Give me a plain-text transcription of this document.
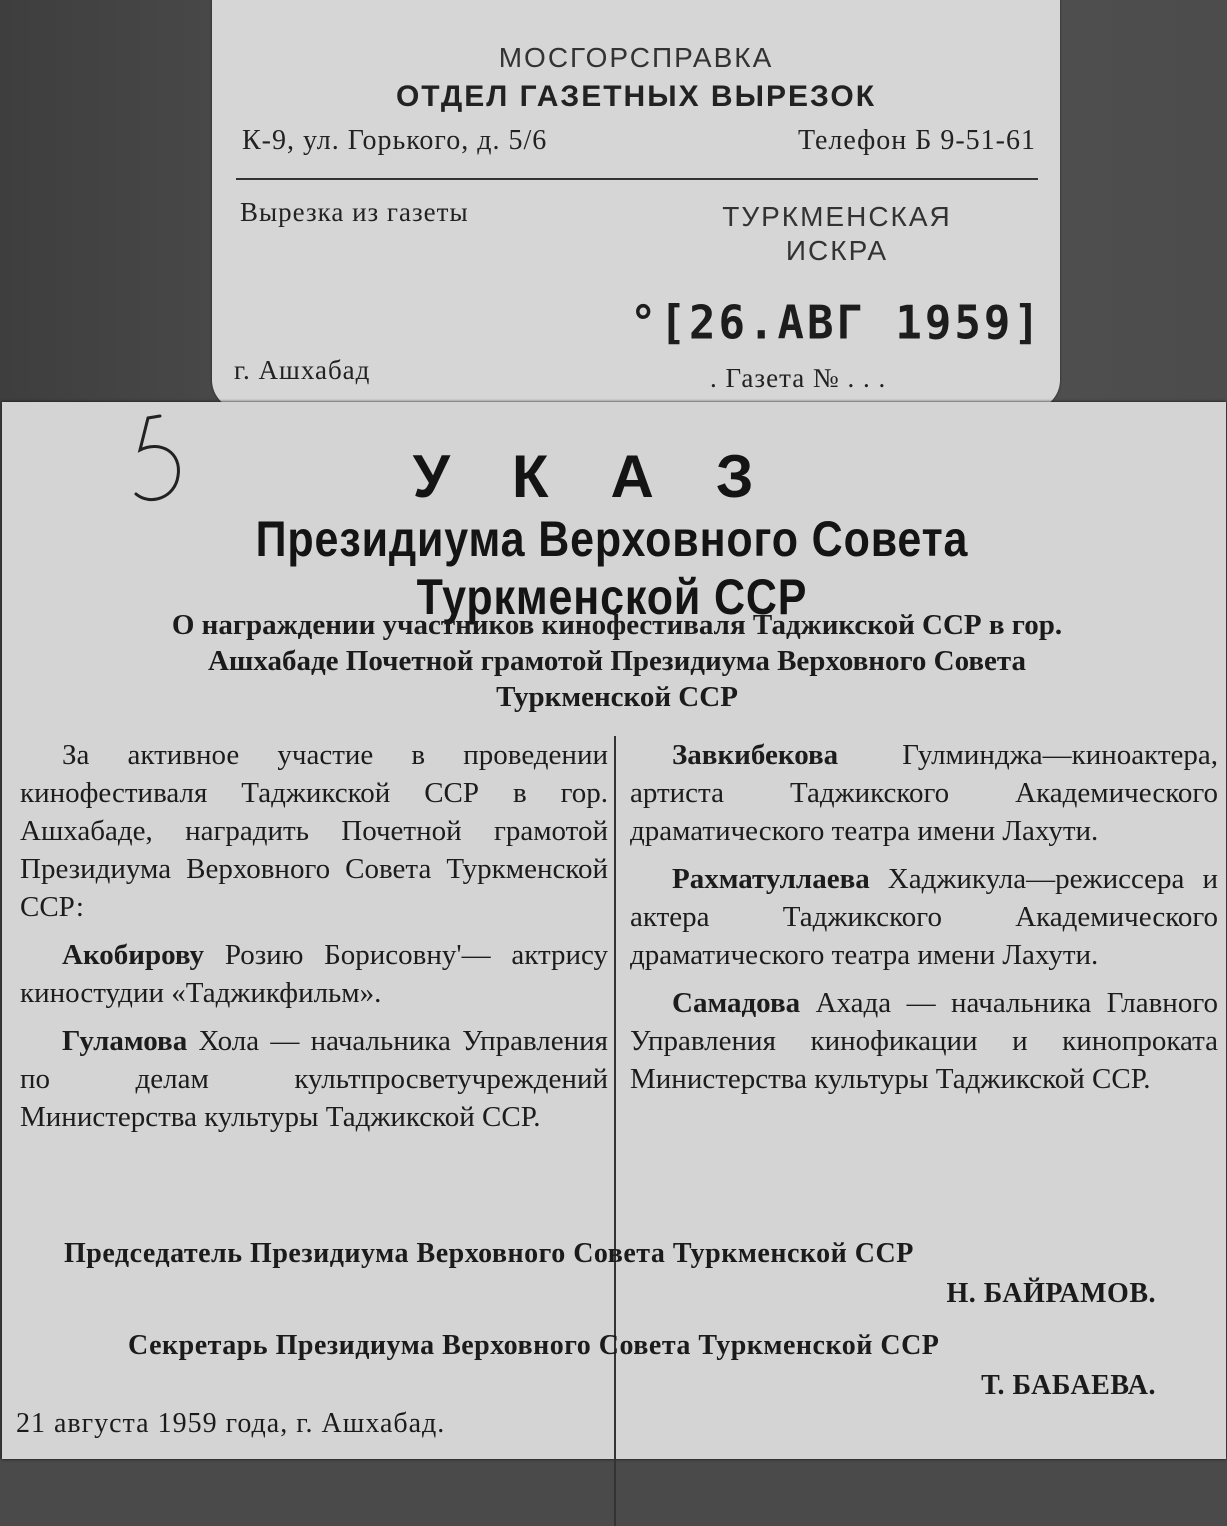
МОСГОРСПРАВКА
ОТДЕЛ ГАЗЕТНЫХ ВЫРЕЗОК
К-9, ул. Горького, д. 5/6	Телефон Б 9-51-61
Вырезка из газеты	ТУРКМЕНСКАЯ
ИСКРА
°[26.АВГ 1959]
г. Ашхабад	. Газета № . . .
УКАЗ
Президиума Верховного Совета Туркменской ССР
О награждении участников кинофестиваля Таджикской ССР в гор.
Ашхабаде Почетной грамотой Президиума Верховного Совета
Туркменской ССР

За активное участие в проведении кинофестиваля Таджикской ССР в гор. Ашхабаде, наградить Почетной грамотой Президиума Верховного Совета Туркменской ССР:

Акобирову Розию Борисовну'— актрису киностудии «Таджикфильм».

Гуламова Хола — начальника Управления по делам культпросветучреждений Министерства культуры Таджикской ССР.

Завкибекова Гулминджа—киноактера, артиста Таджикского Академического драматического театра имени Лахути.

Рахматуллаева Хаджикула—режиссера и актера Таджикского Академического драматического театра имени Лахути.

Самадова Ахада — начальника Главного Управления кинофикации и кинопроката Министерства культуры Таджикской ССР.

Председатель Президиума Верховного Совета Туркменской ССР
Н. БАЙРАМОВ.
Секретарь Президиума Верховного Совета Туркменской ССР
Т. БАБАЕВА.
21 августа 1959 года, г. Ашхабад.
